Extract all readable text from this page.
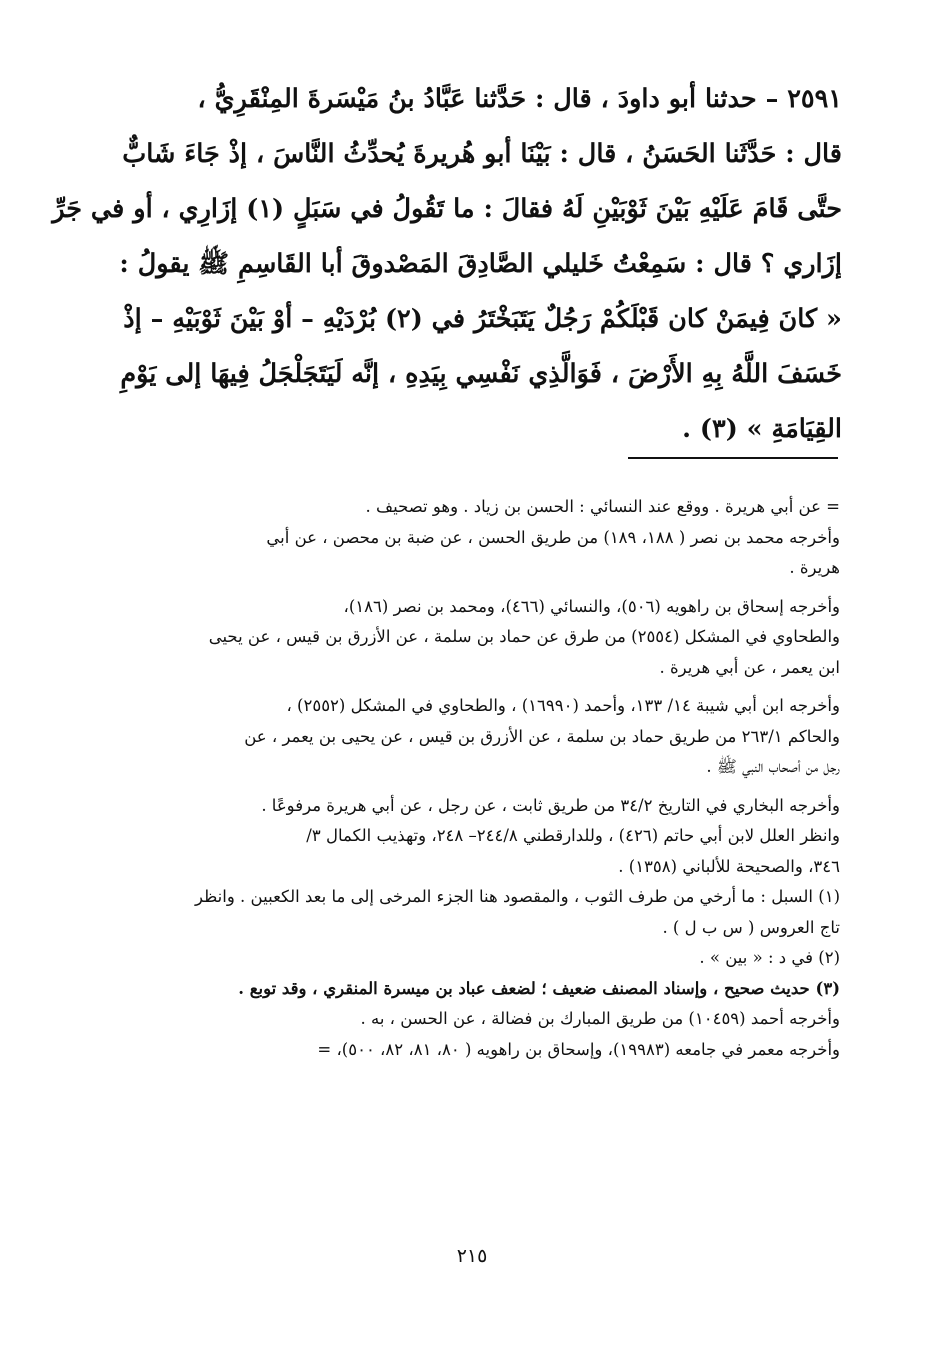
٢٥٩١ – حدثنا أبو داودَ ، قال : حَدَّثنا عَبَّادُ بنُ مَيْسَرةَ المِنْقَرِيُّ ،
قال : حَدَّثَنا الحَسَنُ ، قال : بَيْنَا أبو هُريرةَ يُحدِّثُ النَّاسَ ، إذْ جَاءَ شَابٌّ
حتَّى قَامَ عَلَيْهِ بَيْنَ ثَوْبَيْنِ لَهُ فقالَ : ما تَقُولُ في سَبَلٍ (١) إزَارِي ، أو في جَرِّ
إزَاري ؟ قال : سَمِعْتُ خَليلي الصَّادِقَ المَصْدوقَ أبا القَاسِمِ ﷺ يقولُ :
« كانَ فِيمَنْ كان قَبْلَكُمْ رَجُلٌ يَتَبَخْتَرُ في (٢) بُرْدَيْهِ – أوْ بَيْنَ ثَوْبَيْهِ – إذْ
خَسَفَ اللَّهُ بِهِ الأَرْضَ ، فَوَالَّذِي نَفْسِي بِيَدِهِ ، إنَّه لَيَتَجَلْجَلُ فِيهَا إلى يَوْمِ
القِيَامَةِ » (٣) .
= عن أبي هريرة . ووقع عند النسائي : الحسن بن زياد . وهو تصحيف .
وأخرجه محمد بن نصر ( ١٨٨، ١٨٩) من طريق الحسن ، عن ضبة بن محصن ، عن أبي
هريرة .
وأخرجه إسحاق بن راهويه (٥٠٦)، والنسائي (٤٦٦)، ومحمد بن نصر (١٨٦)،
والطحاوي في المشكل (٢٥٥٤) من طرق عن حماد بن سلمة ، عن الأزرق بن قيس ، عن يحيى
ابن يعمر ، عن أبي هريرة .
وأخرجه ابن أبي شيبة ١٤/ ١٣٣، وأحمد (١٦٩٩٠) ، والطحاوي في المشكل (٢٥٥٢) ،
والحاكم ٢٦٣/١ من طريق حماد بن سلمة ، عن الأزرق بن قيس ، عن يحيى بن يعمر ، عن
رجل من أصحاب النبي ﷺ .
وأخرجه البخاري في التاريخ ٣٤/٢ من طريق ثابت ، عن رجل ، عن أبي هريرة مرفوعًا .
وانظر العلل لابن أبي حاتم (٤٢٦) ، وللدارقطني ٢٤٤/٨– ٢٤٨، وتهذيب الكمال ٣/
٣٤٦، والصحيحة للألباني (١٣٥٨) .
(١) السبل : ما أرخي من طرف الثوب ، والمقصود هنا الجزء المرخى إلى ما بعد الكعبين . وانظر
تاج العروس ( س ب ل ) .
(٢) في د : « بين » .
(٣) حديث صحيح ، وإسناد المصنف ضعيف ؛ لضعف عباد بن ميسرة المنقري ، وقد توبع .
وأخرجه أحمد (١٠٤٥٩) من طريق المبارك بن فضالة ، عن الحسن ، به .
وأخرجه معمر في جامعه (١٩٩٨٣)، وإسحاق بن راهويه ( ٨٠، ٨١، ٨٢، ٥٠٠)، =
٢١٥
